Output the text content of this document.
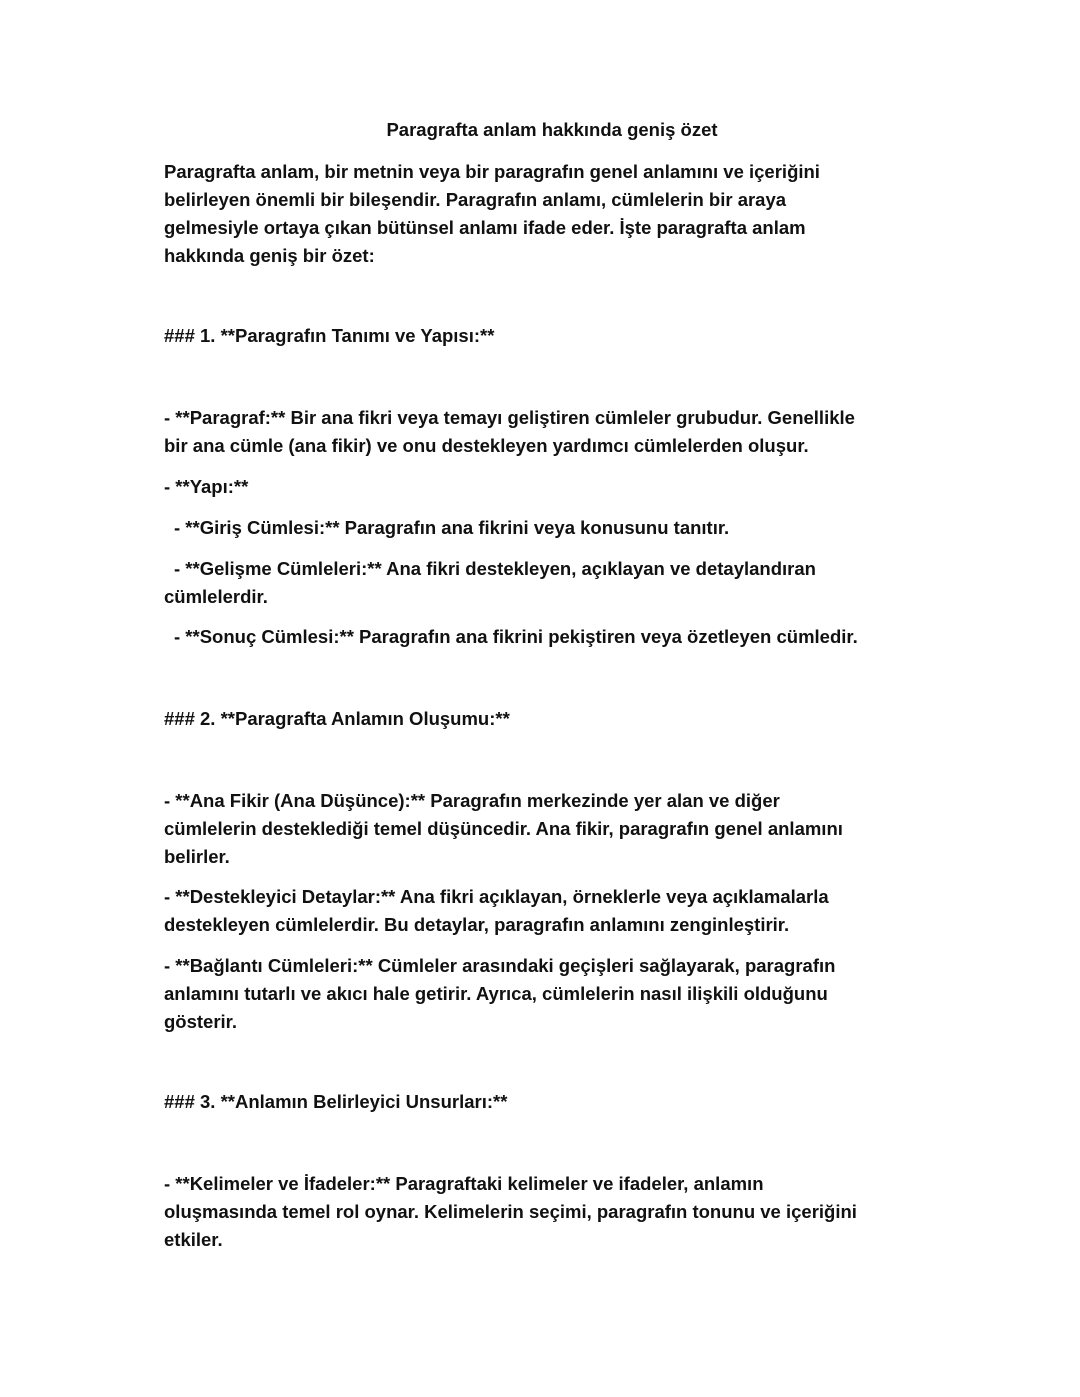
Paragrafta anlam hakkında geniş özet
Paragrafta anlam, bir metnin veya bir paragrafın genel anlamını ve içeriğini
belirleyen önemli bir bileşendir. Paragrafın anlamı, cümlelerin bir araya
gelmesiyle ortaya çıkan bütünsel anlamı ifade eder. İşte paragrafta anlam
hakkında geniş bir özet:
### 1. **Paragrafın Tanımı ve Yapısı:**
- **Paragraf:** Bir ana fikri veya temayı geliştiren cümleler grubudur. Genellikle
bir ana cümle (ana fikir) ve onu destekleyen yardımcı cümlelerden oluşur.
- **Yapı:**
- **Giriş Cümlesi:** Paragrafın ana fikrini veya konusunu tanıtır.
- **Gelişme Cümleleri:** Ana fikri destekleyen, açıklayan ve detaylandıran
cümlelerdir.
- **Sonuç Cümlesi:** Paragrafın ana fikrini pekiştiren veya özetleyen cümledir.
### 2. **Paragrafta Anlamın Oluşumu:**
- **Ana Fikir (Ana Düşünce):** Paragrafın merkezinde yer alan ve diğer
cümlelerin desteklediği temel düşüncedir. Ana fikir, paragrafın genel anlamını
belirler.
- **Destekleyici Detaylar:** Ana fikri açıklayan, örneklerle veya açıklamalarla
destekleyen cümlelerdir. Bu detaylar, paragrafın anlamını zenginleştirir.
- **Bağlantı Cümleleri:** Cümleler arasındaki geçişleri sağlayarak, paragrafın
anlamını tutarlı ve akıcı hale getirir. Ayrıca, cümlelerin nasıl ilişkili olduğunu
gösterir.
### 3. **Anlamın Belirleyici Unsurları:**
- **Kelimeler ve İfadeler:** Paragraftaki kelimeler ve ifadeler, anlamın
oluşmasında temel rol oynar. Kelimelerin seçimi, paragrafın tonunu ve içeriğini
etkiler.
